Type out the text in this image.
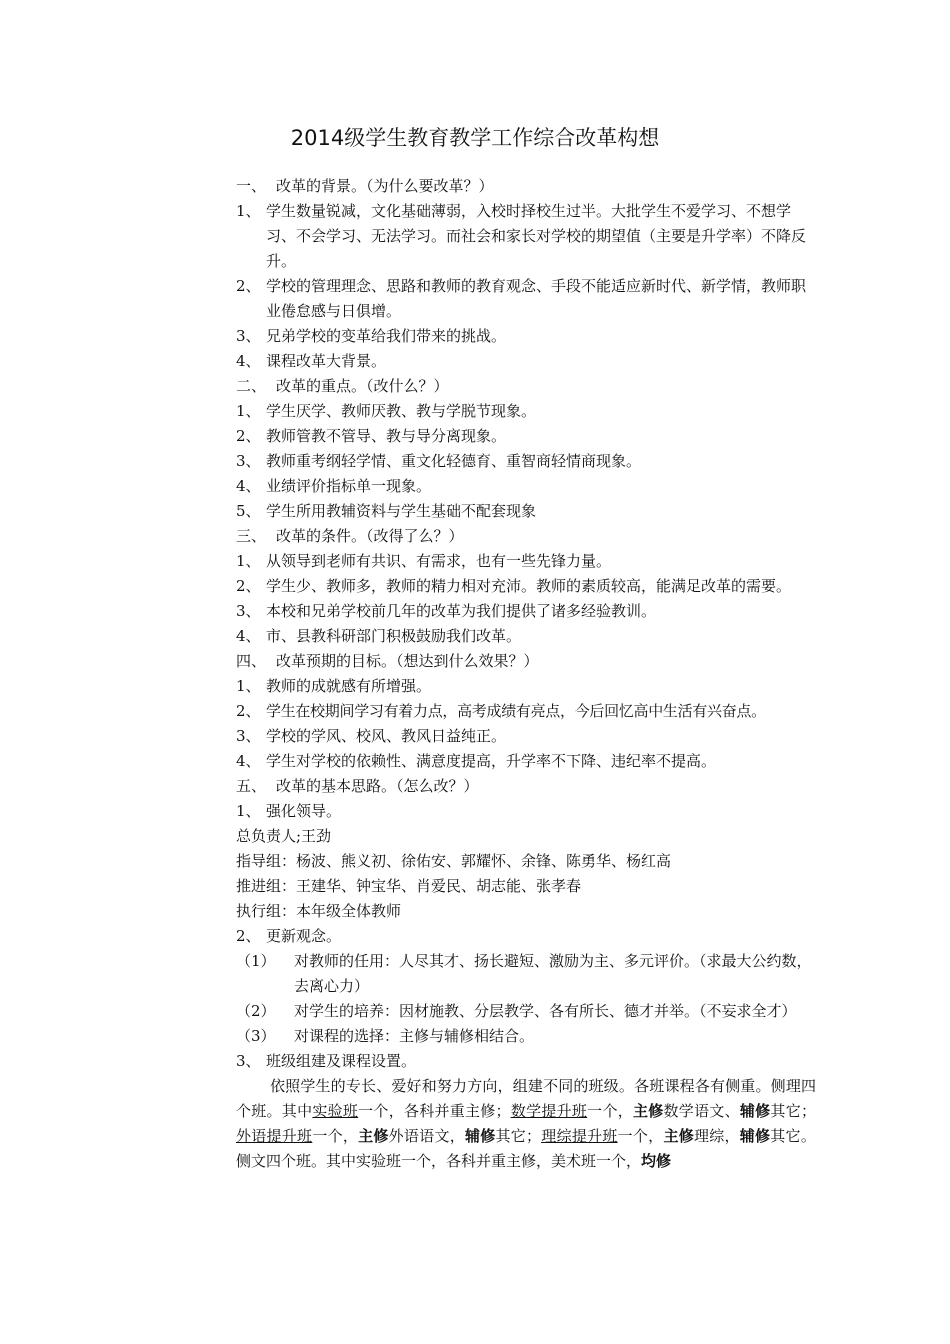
2014级学生教育教学工作综合改革构想
一、 改革的背景。（为什么要改革？）
1、 学生数量锐减，文化基础薄弱，入校时择校生过半。大批学生不爱学习、不想学习、不会学习、无法学习。而社会和家长对学校的期望值（主要是升学率）不降反升。
2、 学校的管理理念、思路和教师的教育观念、手段不能适应新时代、新学情，教师职业倦怠感与日俱增。
3、 兄弟学校的变革给我们带来的挑战。
4、 课程改革大背景。
二、 改革的重点。（改什么？）
1、 学生厌学、教师厌教、教与学脱节现象。
2、 教师管教不管导、教与导分离现象。
3、 教师重考纲轻学情、重文化轻德育、重智商轻情商现象。
4、 业绩评价指标单一现象。
5、 学生所用教辅资料与学生基础不配套现象
三、 改革的条件。（改得了么？）
1、 从领导到老师有共识、有需求，也有一些先锋力量。
2、 学生少、教师多，教师的精力相对充沛。教师的素质较高，能满足改革的需要。
3、 本校和兄弟学校前几年的改革为我们提供了诸多经验教训。
4、 市、县教科研部门积极鼓励我们改革。
四、 改革预期的目标。（想达到什么效果？）
1、 教师的成就感有所增强。
2、 学生在校期间学习有着力点，高考成绩有亮点，今后回忆高中生活有兴奋点。
3、 学校的学风、校风、教风日益纯正。
4、 学生对学校的依赖性、满意度提高，升学率不下降、违纪率不提高。
五、 改革的基本思路。（怎么改？）
1、 强化领导。
总负责人;王劲
指导组：杨波、熊义初、徐佑安、郭耀怀、余锋、陈勇华、杨红高
推进组：王建华、钟宝华、肖爱民、胡志能、张孝春
执行组：本年级全体教师
2、 更新观念。
（1）	对教师的任用：人尽其才、扬长避短、激励为主、多元评价。（求最大公约数，去离心力）
（2）	对学生的培养：因材施教、分层教学、各有所长、德才并举。（不妄求全才）
（3）	对课程的选择：主修与辅修相结合。
3、 班级组建及课程设置。
依照学生的专长、爱好和努力方向，组建不同的班级。各班课程各有侧重。侧理四个班。其中实验班一个，各科并重主修；数学提升班一个，主修数学语文、辅修其它；外语提升班一个，主修外语语文，辅修其它；理综提升班一个，主修理综，辅修其它。侧文四个班。其中实验班一个，各科并重主修，美术班一个，均修
